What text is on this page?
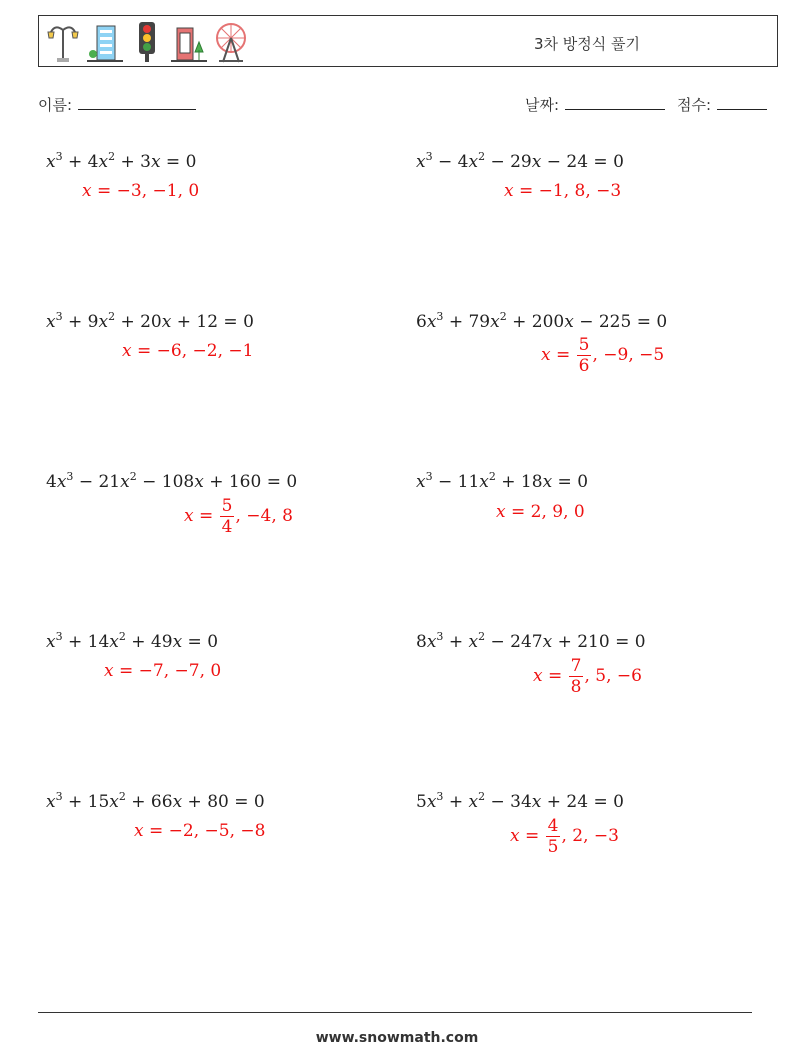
3차 방정식 풀기
이름:	날짜:	점수:
$x^3 + 4x^2 + 3x = 0$
x = −3, −1, 0
$x^3 - 4x^2 - 29x - 24 = 0$
x = −1, 8, −3
$x^3 + 9x^2 + 20x + 12 = 0$
x = −6, −2, −1
$6x^3 + 79x^2 + 200x - 225 = 0$
$x = \frac{5}{6}$ , −9, −5
$4x^3 - 21x^2 - 108x + 160 = 0$
$x = \frac{5}{4}$ , −4, 8
$x^3 - 11x^2 + 18x = 0$
x = 2, 9, 0
$x^3 + 14x^2 + 49x = 0$
x = −7, −7, 0
$8x^3 + x^2 - 247x + 210 = 0$
$x = \frac{7}{8}$ , 5, −6
$x^3 + 15x^2 + 66x + 80 = 0$
x = −2, −5, −8
$5x^3 + x^2 - 34x + 24 = 0$
$x = \frac{4}{5}$ , 2, −3
www.snowmath.com
